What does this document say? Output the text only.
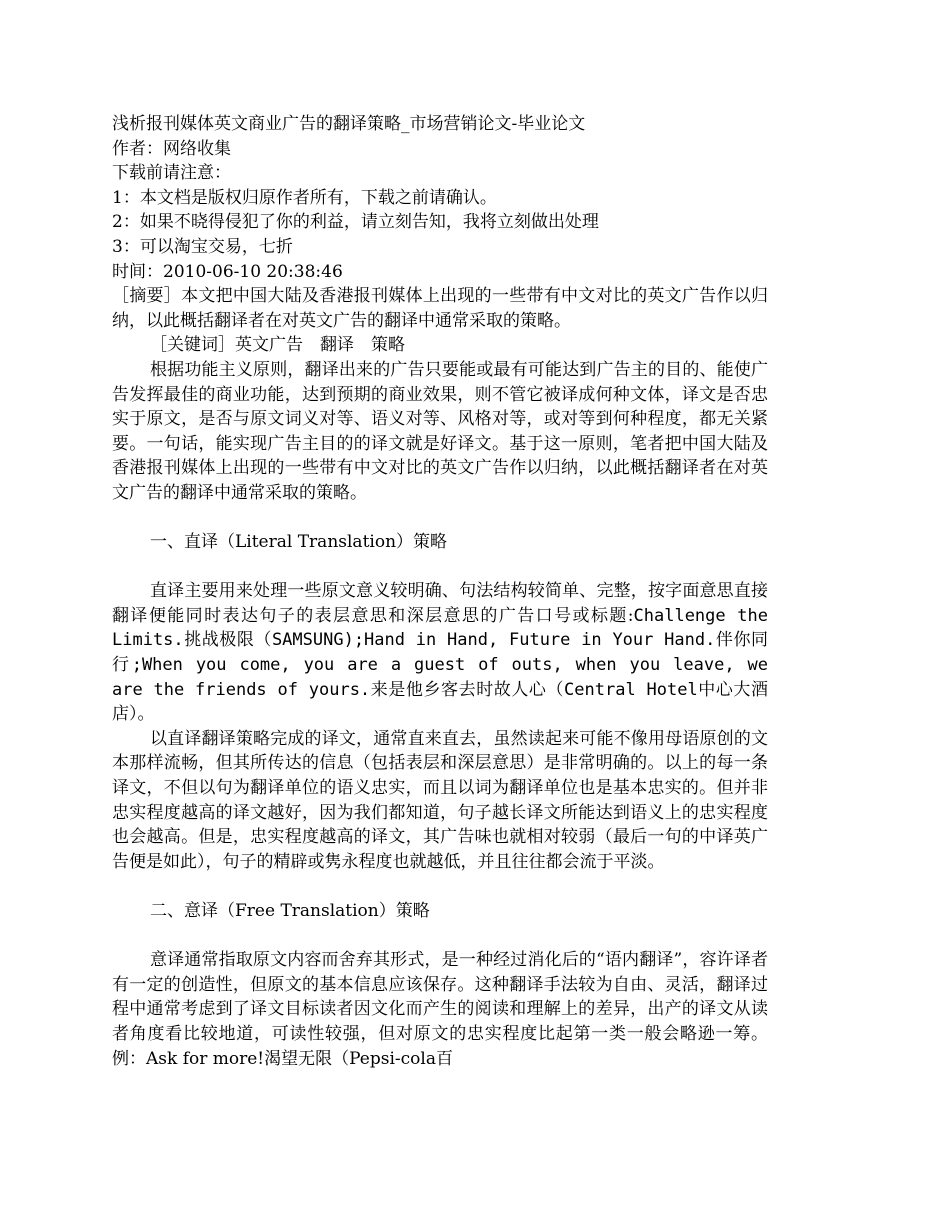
浅析报刊媒体英文商业广告的翻译策略_市场营销论文-毕业论文
作者：网络收集
下载前请注意：
1：本文档是版权归原作者所有，下载之前请确认。
2：如果不晓得侵犯了你的利益，请立刻告知，我将立刻做出处理
3：可以淘宝交易，七折
时间：2010-06-10 20:38:46
［摘要］本文把中国大陆及香港报刊媒体上出现的一些带有中文对比的英文广告作以归纳，以此概括翻译者在对英文广告的翻译中通常采取的策略。
［关键词］英文广告　翻译　策略
根据功能主义原则，翻译出来的广告只要能或最有可能达到广告主的目的、能使广告发挥最佳的商业功能，达到预期的商业效果，则不管它被译成何种文体，译文是否忠实于原文，是否与原文词义对等、语义对等、风格对等，或对等到何种程度，都无关紧要。一句话，能实现广告主目的的译文就是好译文。基于这一原则，笔者把中国大陆及香港报刊媒体上出现的一些带有中文对比的英文广告作以归纳，以此概括翻译者在对英文广告的翻译中通常采取的策略。
一、直译（Literal Translation）策略
直译主要用来处理一些原文意义较明确、句法结构较简单、完整，按字面意思直接翻译便能同时表达句子的表层意思和深层意思的广告口号或标题:Challenge the Limits.挑战极限（SAMSUNG);Hand in Hand, Future in Your Hand.伴你同行;When you come, you are a guest of outs, when you leave, we are the friends of yours.来是他乡客去时故人心（Central Hotel中心大酒店）。
以直译翻译策略完成的译文，通常直来直去，虽然读起来可能不像用母语原创的文本那样流畅，但其所传达的信息（包括表层和深层意思）是非常明确的。以上的每一条译文，不但以句为翻译单位的语义忠实，而且以词为翻译单位也是基本忠实的。但并非忠实程度越高的译文越好，因为我们都知道，句子越长译文所能达到语义上的忠实程度也会越高。但是，忠实程度越高的译文，其广告味也就相对较弱（最后一句的中译英广告便是如此），句子的精辟或隽永程度也就越低，并且往往都会流于平淡。
二、意译（Free Translation）策略
意译通常指取原文内容而舍弃其形式，是一种经过消化后的“语内翻译”，容许译者有一定的创造性，但原文的基本信息应该保存。这种翻译手法较为自由、灵活，翻译过程中通常考虑到了译文目标读者因文化而产生的阅读和理解上的差异，出产的译文从读者角度看比较地道，可读性较强，但对原文的忠实程度比起第一类一般会略逊一筹。例：Ask for more!渴望无限（Pepsi-cola百
